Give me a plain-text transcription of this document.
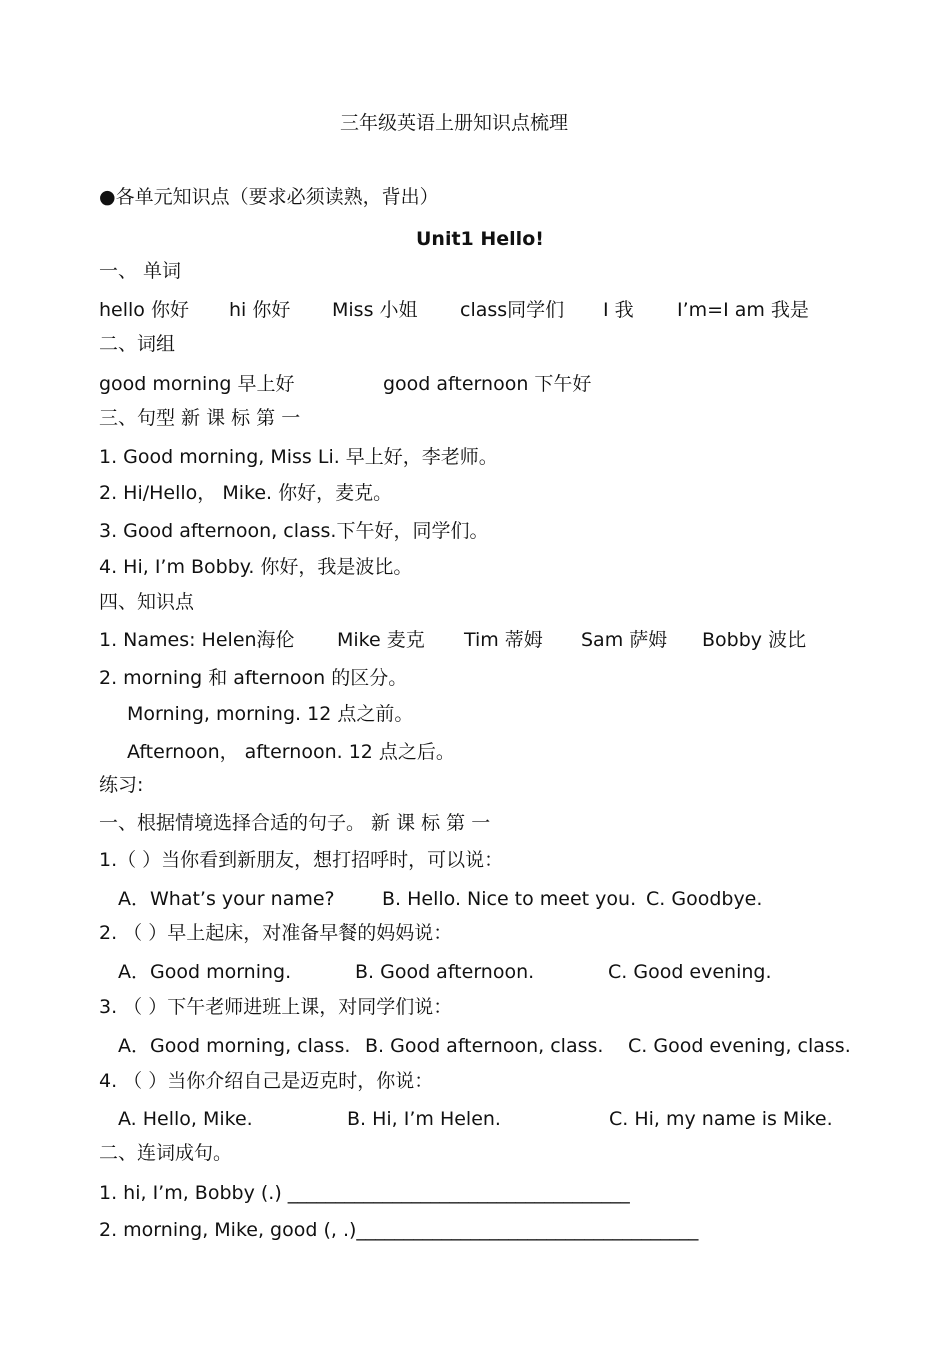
三年级英语上册知识点梳理
●各单元知识点（要求必须读熟，背出）
Unit1 Hello!
一、 单词
hello 你好 hi 你好 Miss 小姐 class同学们 I 我 I’m=I am 我是
二、词组
good morning 早上好	good afternoon 下午好
三、句型 新 课 标 第 一
1. Good morning, Miss Li. 早上好，李老师。
2. Hi/Hello， Mike. 你好，麦克。
3. Good afternoon, class.下午好，同学们。
4. Hi, I’m Bobby. 你好，我是波比。
四、知识点
1. Names: Helen海伦 Mike 麦克 Tim 蒂姆 Sam 萨姆 Bobby 波比
2. morning 和 afternoon 的区分。
Morning, morning. 12 点之前。
Afternoon， afternoon. 12 点之后。
练习:
一、根据情境选择合适的句子。 新 课 标 第 一
1.（ ）当你看到新朋友，想打招呼时，可以说：
A．What’s your name? B. Hello. Nice to meet you. C. Goodbye.
2. （ ）早上起床，对准备早餐的妈妈说：
A．Good morning.	B. Good afternoon.	C. Good evening.
3. （ ）下午老师进班上课，对同学们说：
A．Good morning, class. B. Good afternoon, class. C. Good evening, class.
4. （ ）当你介绍自己是迈克时，你说：
A. Hello, Mike.	B. Hi, I’m Helen.	C. Hi, my name is Mike.
二、连词成句。
1. hi, I’m, Bobby (.) ____________________________________
2. morning, Mike, good (, .)____________________________________
